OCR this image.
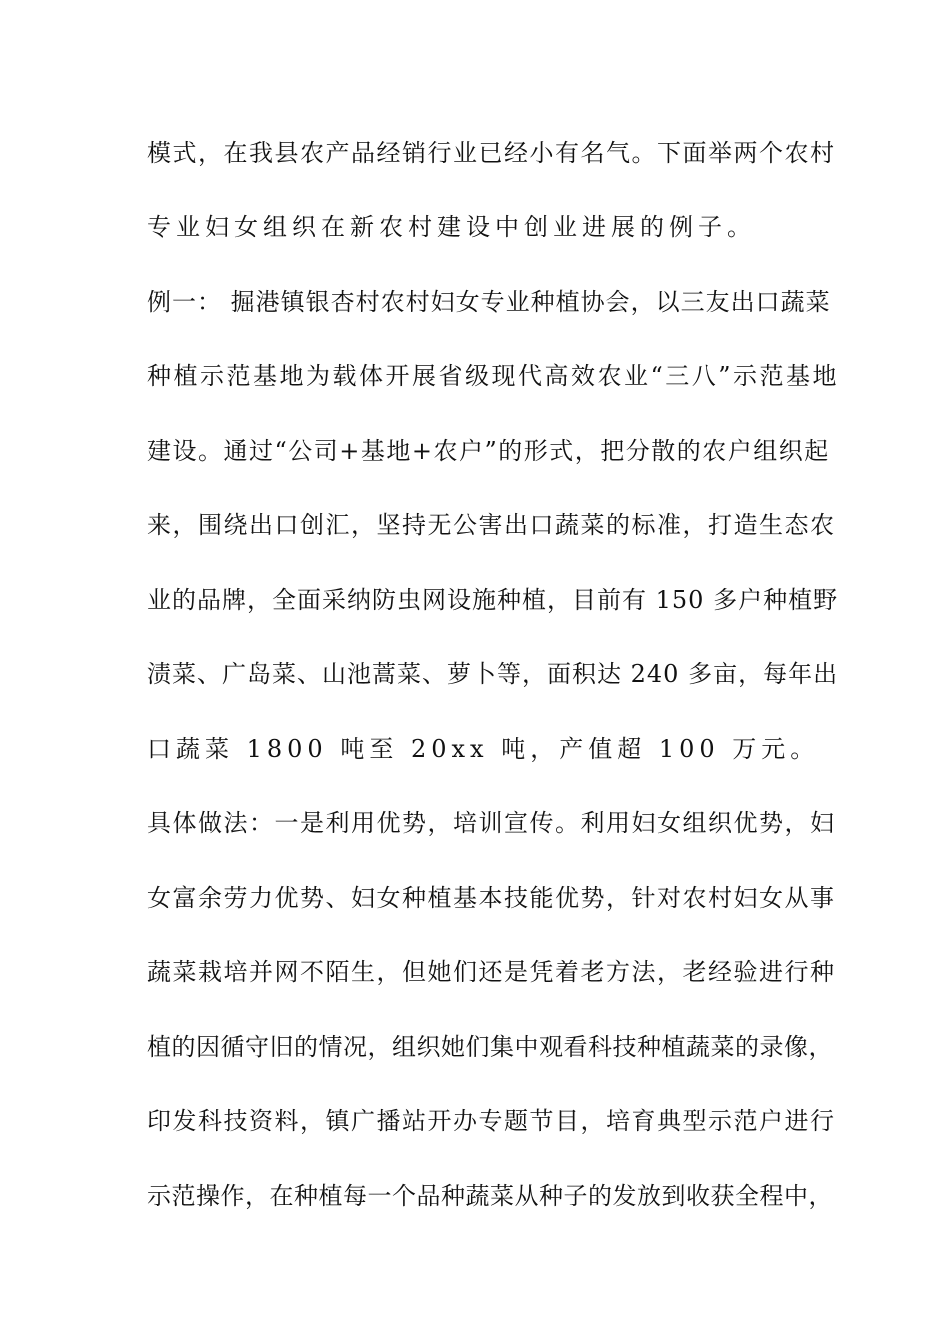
模式，在我县农产品经销行业已经小有名气。下面举两个农村
专业妇女组织在新农村建设中创业进展的例子。
例一： 掘港镇银杏村农村妇女专业种植协会，以三友出口蔬菜
种植示范基地为载体开展省级现代高效农业“三八”示范基地
建设。通过“公司+基地+农户”的形式，把分散的农户组织起
来，围绕出口创汇，坚持无公害出口蔬菜的标准，打造生态农
业的品牌，全面采纳防虫网设施种植，目前有 150 多户种植野
渍菜、广岛菜、山池蒿菜、萝卜等，面积达 240 多亩，每年出
口蔬菜 1800 吨至 20xx 吨，产值超 100 万元。
具体做法：一是利用优势，培训宣传。利用妇女组织优势，妇
女富余劳力优势、妇女种植基本技能优势，针对农村妇女从事
蔬菜栽培并网不陌生，但她们还是凭着老方法，老经验进行种
植的因循守旧的情况，组织她们集中观看科技种植蔬菜的录像，
印发科技资料，镇广播站开办专题节目，培育典型示范户进行
示范操作，在种植每一个品种蔬菜从种子的发放到收获全程中，
